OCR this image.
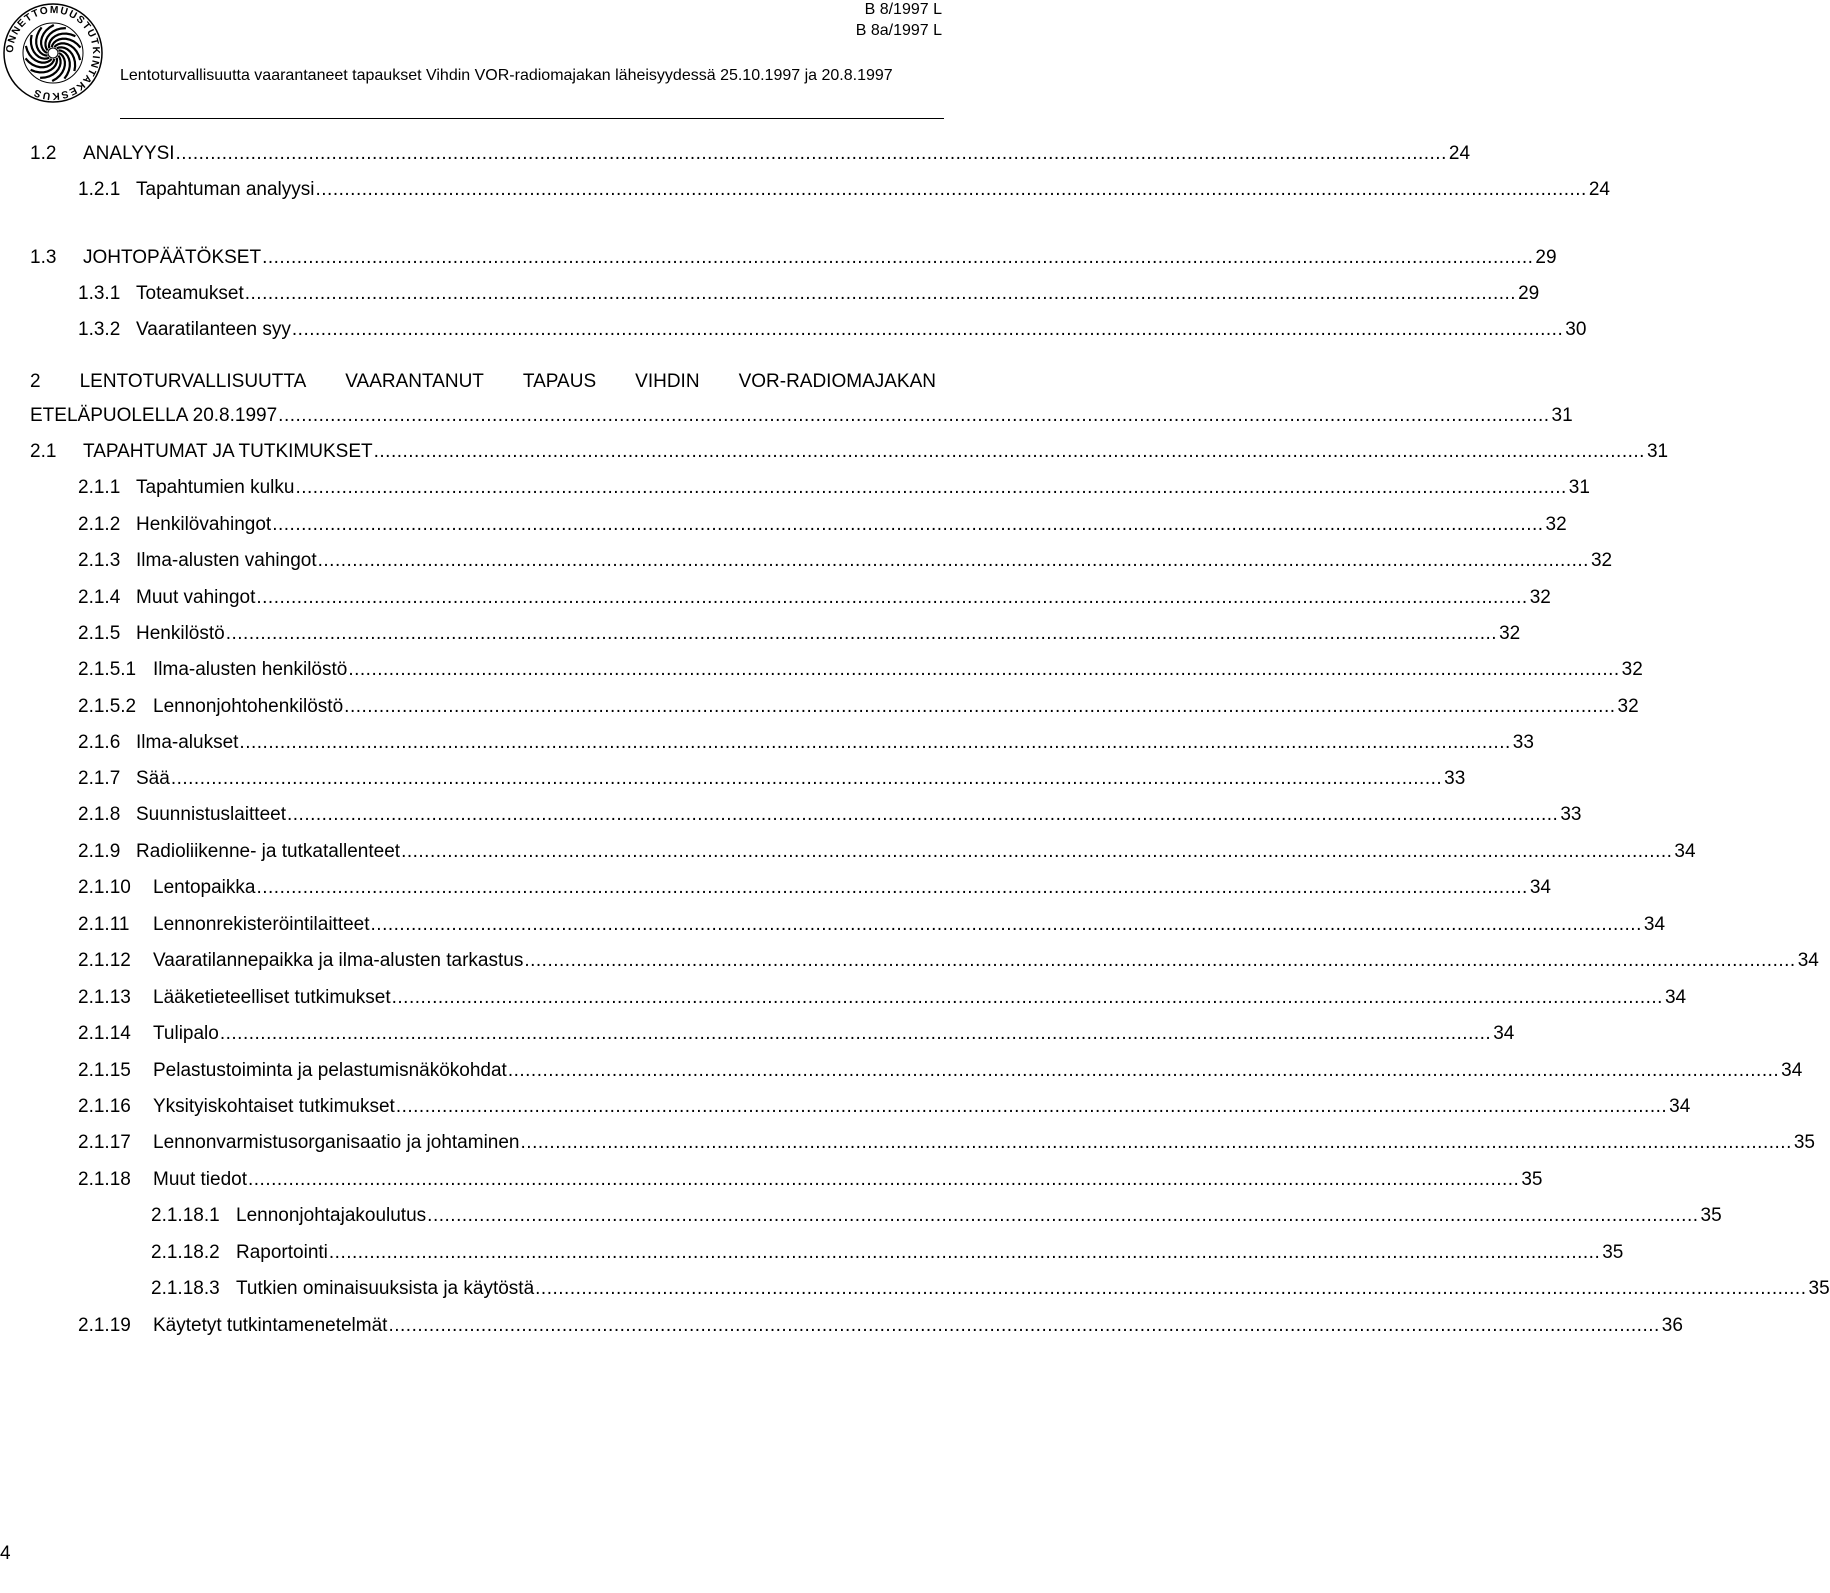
ONNETTOMUUSTUTKINTAKESKUS
B 8/1997 L
B 8a/1997 L
Lentoturvallisuutta vaarantaneet tapaukset Vihdin VOR-radiomajakan läheisyydessä 25.10.1997 ja 20.8.1997
1.2	ANALYYSI ............................................................................................................................................................................................................................ 24
1.2.1 Tapahtuman analyysi ............................................................................................................................................................................................................................ 24
1.3	JOHTOPÄÄTÖKSET ............................................................................................................................................................................................................................ 29
1.3.1 Toteamukset ............................................................................................................................................................................................................................ 29
1.3.2 Vaaratilanteen syy ............................................................................................................................................................................................................................ 30
2 LENTOTURVALLISUUTTA VAARANTANUT TAPAUS VIHDIN VOR-RADIOMAJAKAN
ETELÄPUOLELLA 20.8.1997 ............................................................................................................................................................................................................................ 31
2.1	TAPAHTUMAT JA TUTKIMUKSET ............................................................................................................................................................................................................................ 31
2.1.1 Tapahtumien kulku ............................................................................................................................................................................................................................ 31
2.1.2 Henkilövahingot ............................................................................................................................................................................................................................ 32
2.1.3 Ilma-alusten vahingot ............................................................................................................................................................................................................................ 32
2.1.4 Muut vahingot ............................................................................................................................................................................................................................ 32
2.1.5 Henkilöstö ............................................................................................................................................................................................................................ 32
2.1.5.1 Ilma-alusten henkilöstö ............................................................................................................................................................................................................................ 32
2.1.5.2 Lennonjohtohenkilöstö ............................................................................................................................................................................................................................ 32
2.1.6 Ilma-alukset ............................................................................................................................................................................................................................ 33
2.1.7 Sää ............................................................................................................................................................................................................................ 33
2.1.8 Suunnistuslaitteet ............................................................................................................................................................................................................................ 33
2.1.9 Radioliikenne- ja tutkatallenteet ............................................................................................................................................................................................................................ 34
2.1.10	Lentopaikka ............................................................................................................................................................................................................................ 34
2.1.11	Lennonrekisteröintilaitteet ............................................................................................................................................................................................................................ 34
2.1.12	Vaaratilannepaikka ja ilma-alusten tarkastus ............................................................................................................................................................................................................................ 34
2.1.13	Lääketieteelliset tutkimukset ............................................................................................................................................................................................................................ 34
2.1.14	Tulipalo ............................................................................................................................................................................................................................ 34
2.1.15	Pelastustoiminta ja pelastumisnäkökohdat ............................................................................................................................................................................................................................ 34
2.1.16	Yksityiskohtaiset tutkimukset ............................................................................................................................................................................................................................ 34
2.1.17	Lennonvarmistusorganisaatio ja johtaminen ............................................................................................................................................................................................................................ 35
2.1.18	Muut tiedot ............................................................................................................................................................................................................................ 35
2.1.18.1 Lennonjohtajakoulutus ............................................................................................................................................................................................................................ 35
2.1.18.2 Raportointi ............................................................................................................................................................................................................................ 35
2.1.18.3 Tutkien ominaisuuksista ja käytöstä ............................................................................................................................................................................................................................ 35
2.1.19	Käytetyt tutkintamenetelmät ............................................................................................................................................................................................................................ 36
4
